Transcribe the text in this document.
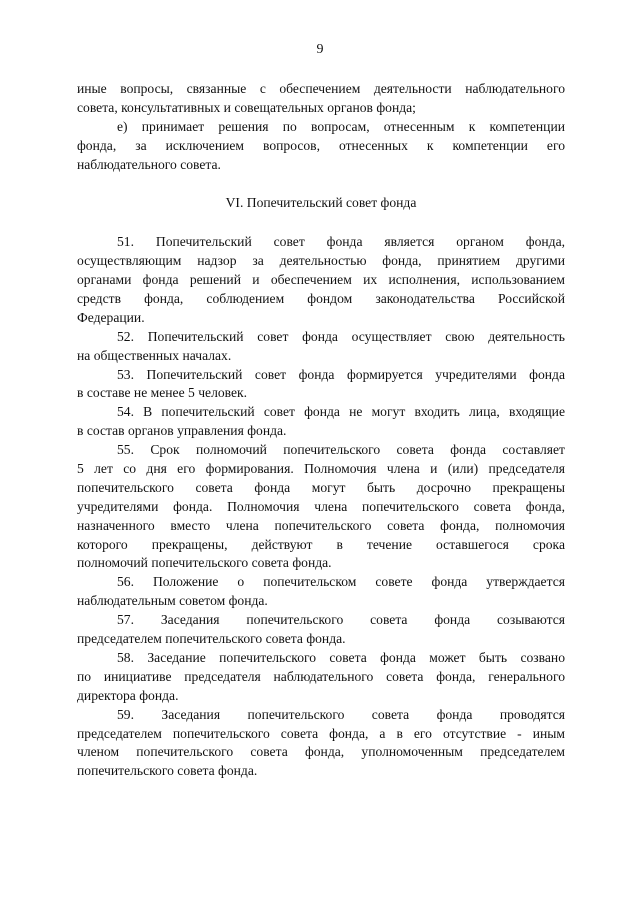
9
иные вопросы, связанные с обеспечением деятельности наблюдательного
совета, консультативных и совещательных органов фонда;
е) принимает решения по вопросам, отнесенным к компетенции
фонда, за исключением вопросов, отнесенных к компетенции его
наблюдательного совета.
VI. Попечительский совет фонда
51. Попечительский совет фонда является органом фонда,
осуществляющим надзор за деятельностью фонда, принятием другими
органами фонда решений и обеспечением их исполнения, использованием
средств фонда, соблюдением фондом законодательства Российской
Федерации.
52. Попечительский совет фонда осуществляет свою деятельность
на общественных началах.
53. Попечительский совет фонда формируется учредителями фонда
в составе не менее 5 человек.
54. В попечительский совет фонда не могут входить лица, входящие
в состав органов управления фонда.
55. Срок полномочий попечительского совета фонда составляет
5 лет со дня его формирования. Полномочия члена и (или) председателя
попечительского совета фонда могут быть досрочно прекращены
учредителями фонда. Полномочия члена попечительского совета фонда,
назначенного вместо члена попечительского совета фонда, полномочия
которого прекращены, действуют в течение оставшегося срока
полномочий попечительского совета фонда.
56. Положение о попечительском совете фонда утверждается
наблюдательным советом фонда.
57. Заседания попечительского совета фонда созываются
председателем попечительского совета фонда.
58. Заседание попечительского совета фонда может быть созвано
по инициативе председателя наблюдательного совета фонда, генерального
директора фонда.
59. Заседания попечительского совета фонда проводятся
председателем попечительского совета фонда, а в его отсутствие - иным
членом попечительского совета фонда, уполномоченным председателем
попечительского совета фонда.
